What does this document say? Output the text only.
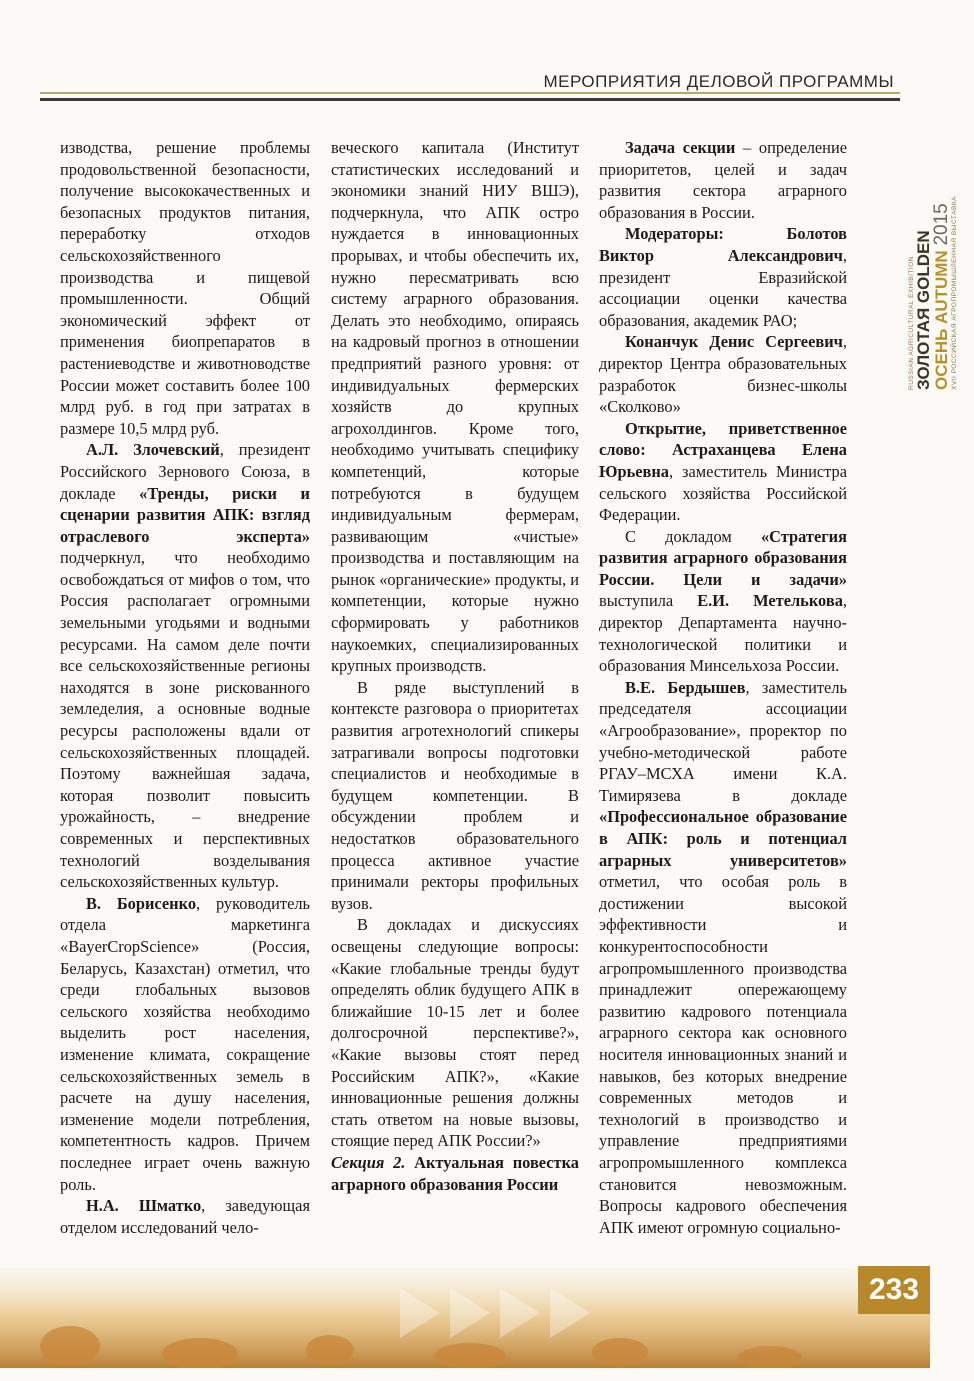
МЕРОПРИЯТИЯ ДЕЛОВОЙ ПРОГРАММЫ
RUSSIAN AGRICULTURAL EXHIBITION ЗОЛОТАЯ GOLDEN ОСЕНЬ AUTUMN 2015 XVII РОССИЙСКАЯ АГРОПРОМЫШЛЕННАЯ ВЫСТАВКА

изводства, решение проблемы продовольственной безопасности, получение высококачественных и безопасных продуктов питания, переработку отходов сельскохозяйственного производства и пищевой промышленности. Общий экономический эффект от применения биопрепаратов в растениеводстве и животноводстве России может составить более 100 млрд руб. в год при затратах в размере 10,5 млрд руб.

А.Л. Злочевский, президент Российского Зернового Союза, в докладе «Тренды, риски и сценарии развития АПК: взгляд отраслевого эксперта» подчеркнул, что необходимо освобождаться от мифов о том, что Россия располагает огромными земельными угодьями и водными ресурсами. На самом деле почти все сельскохозяйственные регионы находятся в зоне рискованного земледелия, а основные водные ресурсы расположены вдали от сельскохозяйственных площадей. Поэтому важнейшая задача, которая позволит повысить урожайность, – внедрение современных и перспективных технологий возделывания сельскохозяйственных культур.

В. Борисенко, руководитель отдела маркетинга «BayerCropScience» (Россия, Беларусь, Казахстан) отметил, что среди глобальных вызовов сельского хозяйства необходимо выделить рост населения, изменение климата, сокращение сельскохозяйственных земель в расчете на душу населения, изменение модели потребления, компетентность кадров. Причем последнее играет очень важную роль.

Н.А. Шматко, заведующая отделом исследований чело-

веческого капитала (Институт статистических исследований и экономики знаний НИУ ВШЭ), подчеркнула, что АПК остро нуждается в инновационных прорывах, и чтобы обеспечить их, нужно пересматривать всю систему аграрного образования. Делать это необходимо, опираясь на кадровый прогноз в отношении предприятий разного уровня: от индивидуальных фермерских хозяйств до крупных агрохолдингов. Кроме того, необходимо учитывать специфику компетенций, которые потребуются в будущем индивидуальным фермерам, развивающим «чистые» производства и поставляющим на рынок «органические» продукты, и компетенции, которые нужно сформировать у работников наукоемких, специализированных крупных производств.

В ряде выступлений в контексте разговора о приоритетах развития агротехнологий спикеры затрагивали вопросы подготовки специалистов и необходимые в будущем компетенции. В обсуждении проблем и недостатков образовательного процесса активное участие принимали ректоры профильных вузов.

В докладах и дискуссиях освещены следующие вопросы: «Какие глобальные тренды будут определять облик будущего АПК в ближайшие 10-15 лет и более долгосрочной перспективе?», «Какие вызовы стоят перед Российским АПК?», «Какие инновационные решения должны стать ответом на новые вызовы, стоящие перед АПК России?»

Секция 2. Актуальная повестка аграрного образования России

Задача секции – определение приоритетов, целей и задач развития сектора аграрного образования в России.

Модераторы: Болотов Виктор Александрович, президент Евразийской ассоциации оценки качества образования, академик РАО;

Конанчук Денис Сергеевич, директор Центра образовательных разработок бизнес-школы «Сколково»

Открытие, приветственное слово: Астраханцева Елена Юрьевна, заместитель Министра сельского хозяйства Российской Федерации.

С докладом «Стратегия развития аграрного образования России. Цели и задачи» выступила Е.И. Метелькова, директор Департамента научно-технологической политики и образования Минсельхоза России.

В.Е. Бердышев, заместитель председателя ассоциации «Агрообразование», проректор по учебно-методической работе РГАУ–МСХА имени К.А. Тимирязева в докладе «Профессиональное образование в АПК: роль и потенциал аграрных университетов» отметил, что особая роль в достижении высокой эффективности и конкурентоспособности агропромышленного производства принадлежит опережающему развитию кадрового потенциала аграрного сектора как основного носителя инновационных знаний и навыков, без которых внедрение современных методов и технологий в производство и управление предприятиями агропромышленного комплекса становится невозможным. Вопросы кадрового обеспечения АПК имеют огромную социально-

233
